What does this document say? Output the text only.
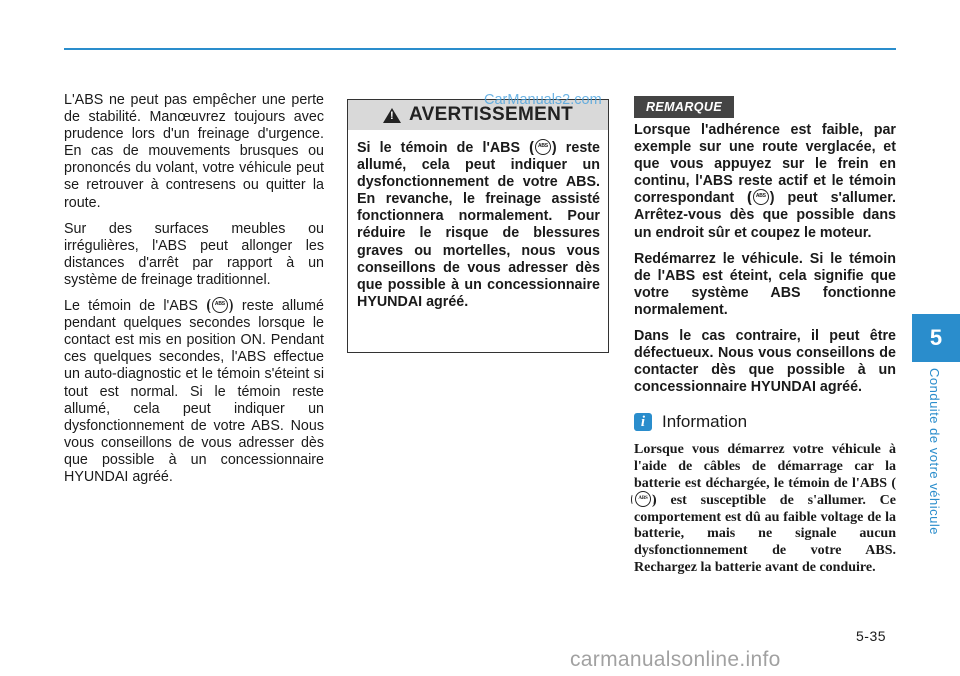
L'ABS ne peut pas empêcher une perte de stabilité. Manœuvrez toujours avec prudence lors d'un freinage d'urgence. En cas de mouvements brusques ou prononcés du volant, votre véhicule peut se retrouver à contresens ou quitter la route.

Sur des surfaces meubles ou irrégulières, l'ABS peut allonger les distances d'arrêt par rapport à un système de freinage traditionnel.

Le témoin de l'ABS ( ABS ) reste allumé pendant quelques secondes lorsque le contact est mis en position ON. Pendant ces quelques secondes, l'ABS effectue un auto-diagnostic et le témoin s'éteint si tout est normal. Si le témoin reste allumé, cela peut indiquer un dysfonctionnement de votre ABS. Nous vous conseillons de vous adresser dès que possible à un concessionnaire HYUNDAI agréé.

! AVERTISSEMENT
Si le témoin de l'ABS ( ABS ) reste allumé, cela peut indiquer un dysfonctionnement de votre ABS. En revanche, le freinage assisté fonctionnera normalement. Pour réduire le risque de blessures graves ou mortelles, nous vous conseillons de vous adresser dès que possible à un concessionnaire HYUNDAI agréé.
REMARQUE

Lorsque l'adhérence est faible, par exemple sur une route verglacée, et que vous appuyez sur le frein en continu, l'ABS reste actif et le témoin correspondant ( ABS ) peut s'allumer. Arrêtez-vous dès que possible dans un endroit sûr et coupez le moteur.

Redémarrez le véhicule. Si le témoin de l'ABS est éteint, cela signifie que votre système ABS fonctionne normalement.

Dans le cas contraire, il peut être défectueux. Nous vous conseillons de contacter dès que possible à un concessionnaire HYUNDAI agréé.

i Information

Lorsque vous démarrez votre véhicule à l'aide de câbles de démarrage car la batterie est déchargée, le témoin de l'ABS (
ABS ) est susceptible de s'allumer. Ce comportement est dû au faible voltage de la batterie, mais ne signale aucun dysfonctionnement de votre ABS. Rechargez la batterie avant de conduire.

5
Conduite de votre véhicule
5-35
CarManuals2.com
carmanualsonline.info
